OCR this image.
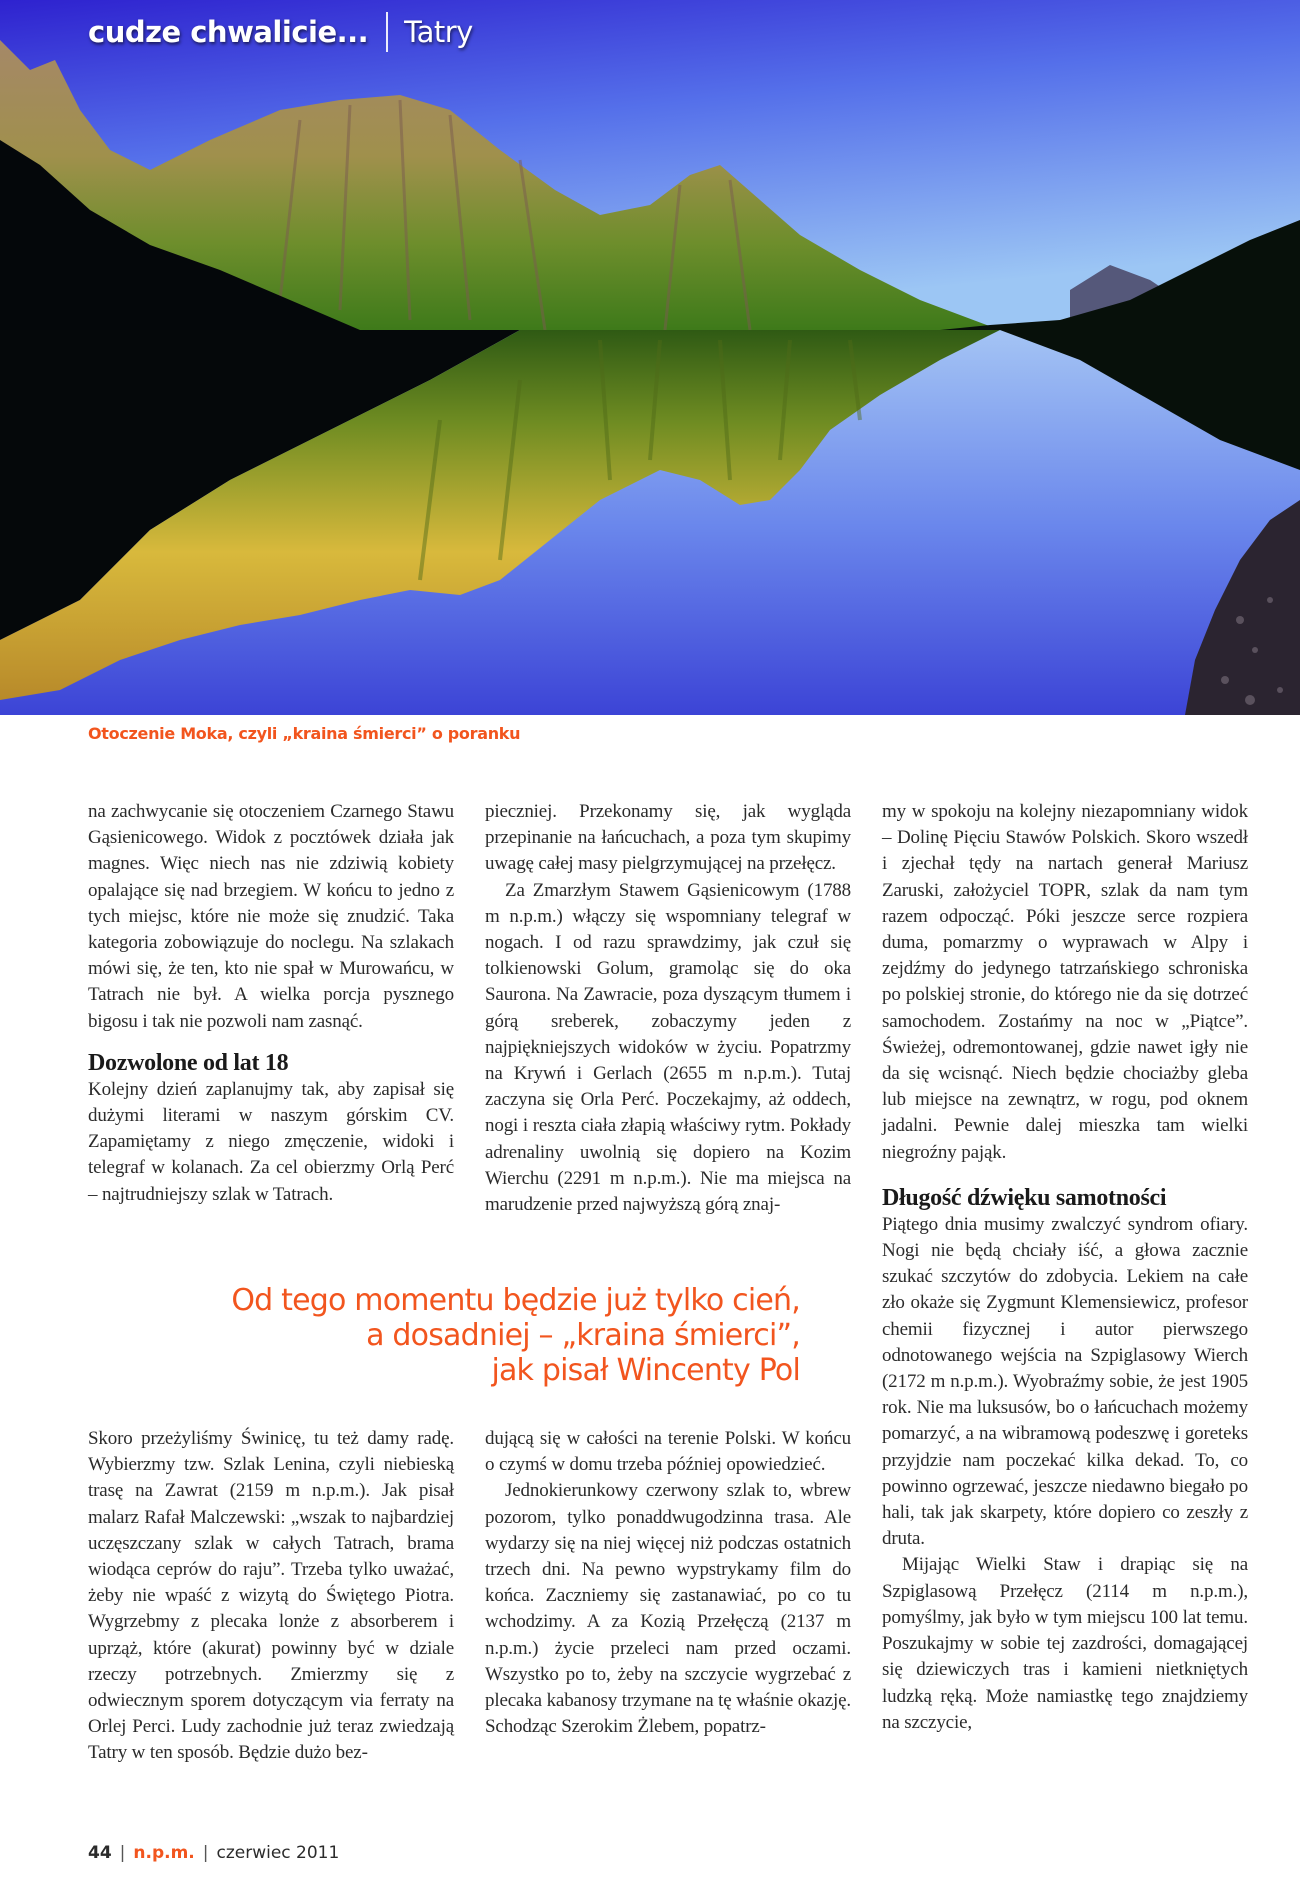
cudze chwalicie... Tatry
Otoczenie Moka, czyli „kraina śmierci” o poranku

na zachwycanie się otoczeniem Czarnego Stawu Gąsienicowego. Widok z pocztówek działa jak magnes. Więc niech nas nie zdziwią kobiety opalające się nad brzegiem. W końcu to jedno z tych miejsc, które nie może się znudzić. Taka kategoria zobowiązuje do noclegu. Na szlakach mówi się, że ten, kto nie spał w Murowańcu, w Tatrach nie był. A wielka porcja pysznego bigosu i tak nie pozwoli nam zasnąć.

Dozwolone od lat 18

Kolejny dzień zaplanujmy tak, aby zapisał się dużymi literami w naszym górskim CV. Zapamiętamy z niego zmęczenie, widoki i telegraf w kolanach. Za cel obierzmy Orlą Perć – najtrudniejszy szlak w Tatrach.

pieczniej. Przekonamy się, jak wygląda przepinanie na łańcuchach, a poza tym skupimy uwagę całej masy pielgrzymującej na przełęcz.

Za Zmarzłym Stawem Gąsienicowym (1788 m n.p.m.) włączy się wspomniany telegraf w nogach. I od razu sprawdzimy, jak czuł się tolkienowski Golum, gramoląc się do oka Saurona. Na Zawracie, poza dyszącym tłumem i górą sreberek, zobaczymy jeden z najpiękniejszych widoków w życiu. Popatrzmy na Krywń i Gerlach (2655 m n.p.m.). Tutaj zaczyna się Orla Perć. Poczekajmy, aż oddech, nogi i reszta ciała złapią właściwy rytm. Pokłady adrenaliny uwolnią się dopiero na Kozim Wierchu (2291 m n.p.m.). Nie ma miejsca na marudzenie przed najwyższą górą znaj-

my w spokoju na kolejny niezapomniany widok – Dolinę Pięciu Stawów Polskich. Skoro wszedł i zjechał tędy na nartach generał Mariusz Zaruski, założyciel TOPR, szlak da nam tym razem odpocząć. Póki jeszcze serce rozpiera duma, pomarzmy o wyprawach w Alpy i zejdźmy do jedynego tatrzańskiego schroniska po polskiej stronie, do którego nie da się dotrzeć samochodem. Zostańmy na noc w „Piątce”. Świeżej, odremontowanej, gdzie nawet igły nie da się wcisnąć. Niech będzie chociażby gleba lub miejsce na zewnątrz, w rogu, pod oknem jadalni. Pewnie dalej mieszka tam wielki niegroźny pająk.

Długość dźwięku samotności

Piątego dnia musimy zwalczyć syndrom ofiary. Nogi nie będą chciały iść, a głowa zacznie szukać szczytów do zdobycia. Lekiem na całe zło okaże się Zygmunt Klemensiewicz, profesor chemii fizycznej i autor pierwszego odnotowanego wejścia na Szpiglasowy Wierch (2172 m n.p.m.). Wyobraźmy sobie, że jest 1905 rok. Nie ma luksusów, bo o łańcuchach możemy pomarzyć, a na wibramową podeszwę i goreteks przyjdzie nam poczekać kilka dekad. To, co powinno ogrzewać, jeszcze niedawno biegało po hali, tak jak skarpety, które dopiero co zeszły z druta.

Mijając Wielki Staw i drapiąc się na Szpiglasową Przełęcz (2114 m n.p.m.), pomyślmy, jak było w tym miejscu 100 lat temu. Poszukajmy w sobie tej zazdrości, domagającej się dziewiczych tras i kamieni nietkniętych ludzką ręką. Może namiastkę tego znajdziemy na szczycie,

Od tego momentu będzie już tylko cień,
a dosadniej – „kraina śmierci”,
jak pisał Wincenty Pol

Skoro przeżyliśmy Świnicę, tu też damy radę. Wybierzmy tzw. Szlak Lenina, czyli niebieską trasę na Zawrat (2159 m n.p.m.). Jak pisał malarz Rafał Malczewski: „wszak to najbardziej uczęszczany szlak w całych Tatrach, brama wiodąca ceprów do raju”. Trzeba tylko uważać, żeby nie wpaść z wizytą do Świętego Piotra. Wygrzebmy z plecaka lonże z absorberem i uprząż, które (akurat) powinny być w dziale rzeczy potrzebnych. Zmierzmy się z odwiecznym sporem dotyczącym via ferraty na Orlej Perci. Ludy zachodnie już teraz zwiedzają Tatry w ten sposób. Będzie dużo bez-

dującą się w całości na terenie Polski. W końcu o czymś w domu trzeba później opowiedzieć.

Jednokierunkowy czerwony szlak to, wbrew pozorom, tylko ponaddwugodzinna trasa. Ale wydarzy się na niej więcej niż podczas ostatnich trzech dni. Na pewno wypstrykamy film do końca. Zaczniemy się zastanawiać, po co tu wchodzimy. A za Kozią Przełęczą (2137 m n.p.m.) życie przeleci nam przed oczami. Wszystko po to, żeby na szczycie wygrzebać z plecaka kabanosy trzymane na tę właśnie okazję. Schodząc Szerokim Żlebem, popatrz-

44 | n.p.m. | czerwiec 2011
